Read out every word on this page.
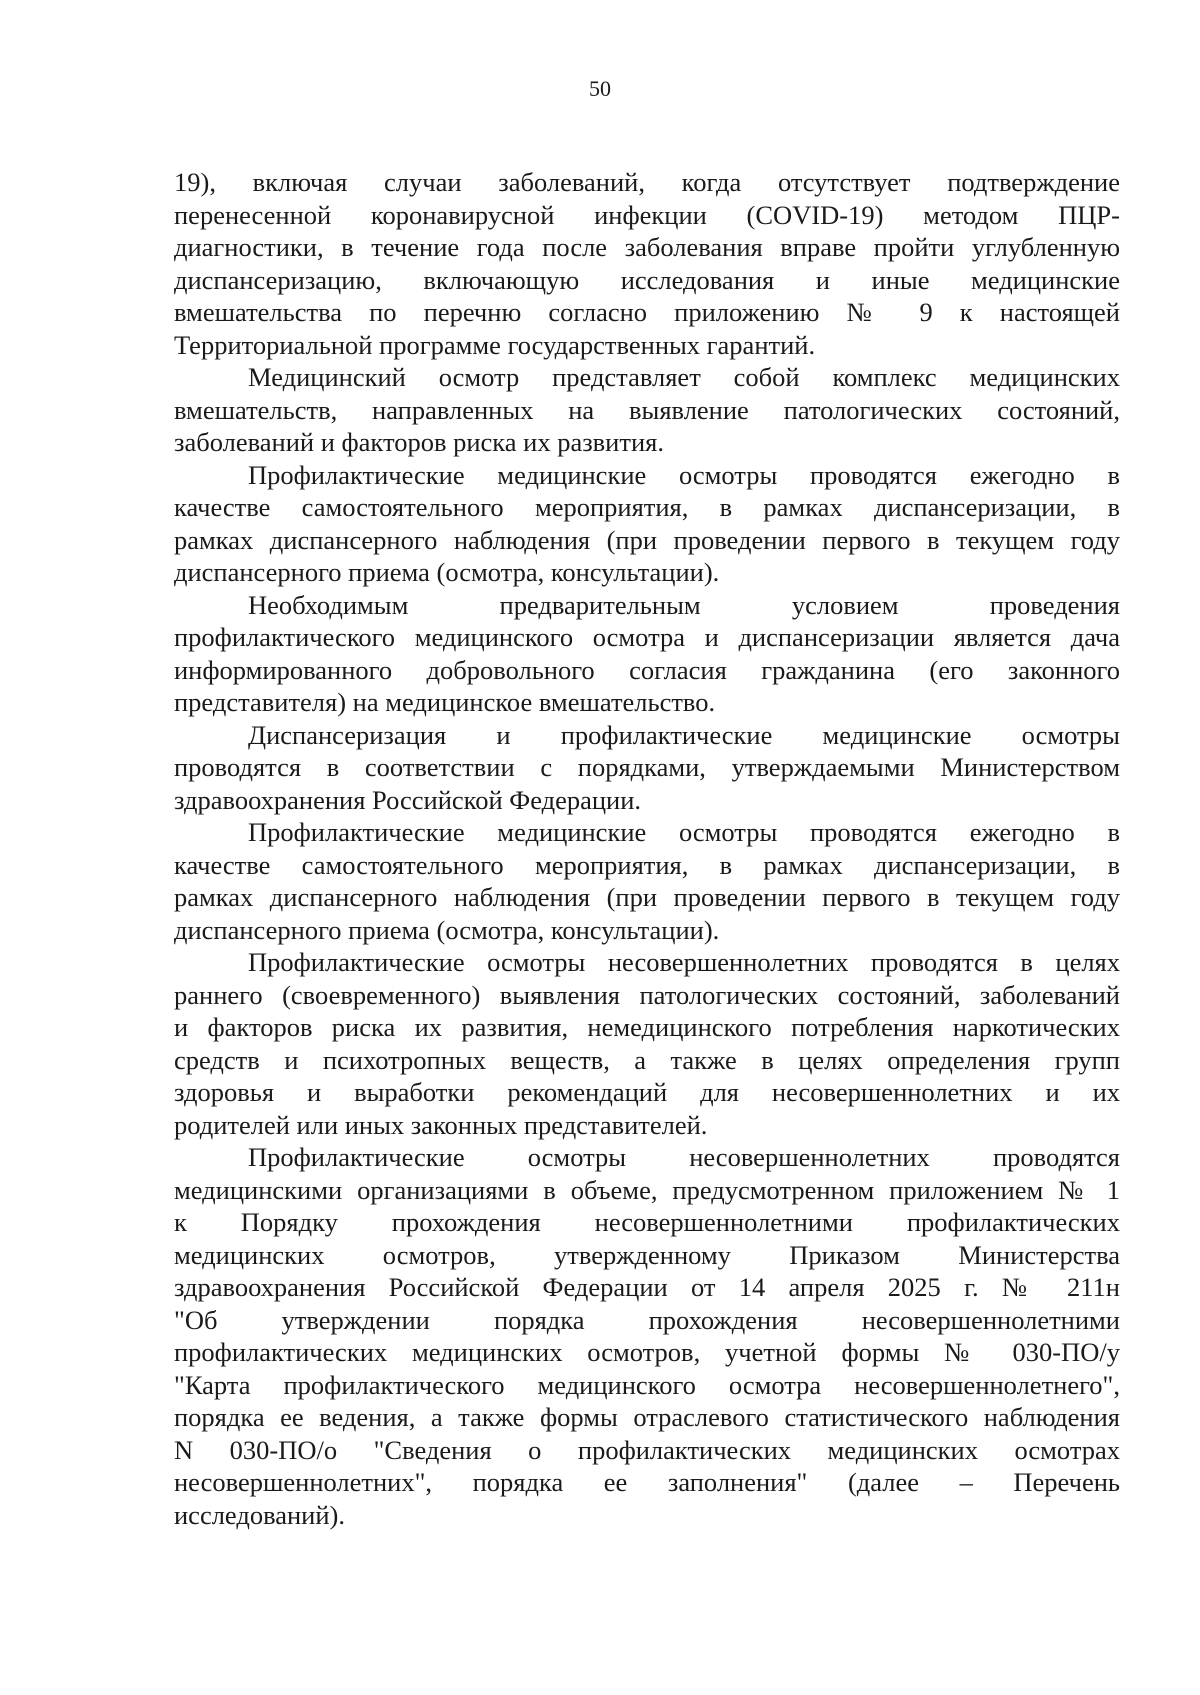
50
19), включая случаи заболеваний, когда отсутствует подтверждение
перенесенной коронавирусной инфекции (COVID-19) методом ПЦР-
диагностики, в течение года после заболевания вправе пройти углубленную
диспансеризацию, включающую исследования и иные медицинские
вмешательства по перечню согласно приложению № 9 к настоящей
Территориальной программе государственных гарантий.
Медицинский осмотр представляет собой комплекс медицинских
вмешательств, направленных на выявление патологических состояний,
заболеваний и факторов риска их развития.
Профилактические медицинские осмотры проводятся ежегодно в
качестве самостоятельного мероприятия, в рамках диспансеризации, в
рамках диспансерного наблюдения (при проведении первого в текущем году
диспансерного приема (осмотра, консультации).
Необходимым предварительным условием проведения
профилактического медицинского осмотра и диспансеризации является дача
информированного добровольного согласия гражданина (его законного
представителя) на медицинское вмешательство.
Диспансеризация и профилактические медицинские осмотры
проводятся в соответствии с порядками, утверждаемыми Министерством
здравоохранения Российской Федерации.
Профилактические медицинские осмотры проводятся ежегодно в
качестве самостоятельного мероприятия, в рамках диспансеризации, в
рамках диспансерного наблюдения (при проведении первого в текущем году
диспансерного приема (осмотра, консультации).
Профилактические осмотры несовершеннолетних проводятся в целях
раннего (своевременного) выявления патологических состояний, заболеваний
и факторов риска их развития, немедицинского потребления наркотических
средств и психотропных веществ, а также в целях определения групп
здоровья и выработки рекомендаций для несовершеннолетних и их
родителей или иных законных представителей.
Профилактические осмотры несовершеннолетних проводятся
медицинскими организациями в объеме, предусмотренном приложением № 1
к Порядку прохождения несовершеннолетними профилактических
медицинских осмотров, утвержденному Приказом Министерства
здравоохранения Российской Федерации от 14 апреля 2025 г. № 211н
"Об утверждении порядка прохождения несовершеннолетними
профилактических медицинских осмотров, учетной формы № 030-ПО/у
"Карта профилактического медицинского осмотра несовершеннолетнего",
порядка ее ведения, а также формы отраслевого статистического наблюдения
N 030-ПО/о "Сведения о профилактических медицинских осмотрах
несовершеннолетних", порядка ее заполнения" (далее – Перечень
исследований).
